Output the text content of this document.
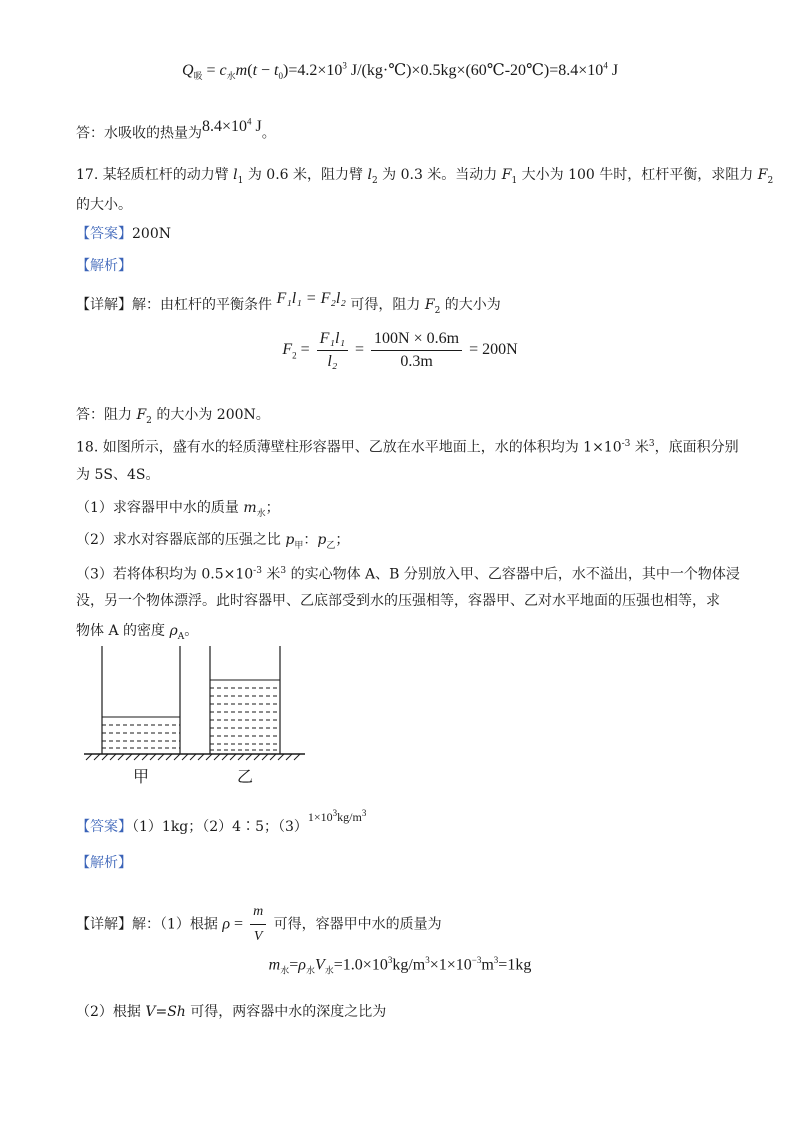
$Q_吸 = c_水m(t - t_0)=4.2\times 10^3$ $J/(kg\cdot℃)\times 0.5kg\times(60℃-20℃)=8.4\times 10^4$ J
答：水吸收的热量为$8.4\times 10^4$ J。
17. 某轻质杠杆的动力臂 $l_1$ 为 0.6 米，阻力臂 $l_2$ 为 0.3 米。当动力 $F_1$ 大小为 100 牛时，杠杆平衡，求阻力 $F_2$
的大小。
【答案】200N
【解析】
【详解】解：由杠杆的平衡条件 F₁l₁ = F₂l₂ 可得，阻力 $F_2$ 的大小为
$F_2 = \frac{\text{F₁l₁}}{\text{l₂}} = \frac{100N \times 0.6m}{0.3m} = 200N$
答：阻力 $F_2$ 的大小为 200N。
18. 如图所示，盛有水的轻质薄壁柱形容器甲、乙放在水平地面上，水的体积均为 $1\times 10^{-3}$ 米$^3$，底面积分别
为 5S、4S。
（1）求容器甲中水的质量 $m_水$；
（2）求水对容器底部的压强之比 $p_甲$：$p_乙$；
（3）若将体积均为 $0.5\times 10^{-3}$ 米$^3$ 的实心物体 A、B 分别放入甲、乙容器中后，水不溢出，其中一个物体浸
没，另一个物体漂浮。此时容器甲、乙底部受到水的压强相等，容器甲、乙对水平地面的压强也相等，求
物体 A 的密度 $\rho_A$。
甲	乙
【答案】（1）1kg；（2）4∶5；$(3)1\times 10^3kg/m^3$
【解析】
【详解】解：（1）根据 $\rho = \frac{m}{V}$ 可得，容器甲中水的质量为
$m_水=\rho_水V_水=1.0\times 10^3kg/m^3\times 1\times 10^{-3}m^3=1kg$
（2）根据 V=Sh 可得，两容器中水的深度之比为
